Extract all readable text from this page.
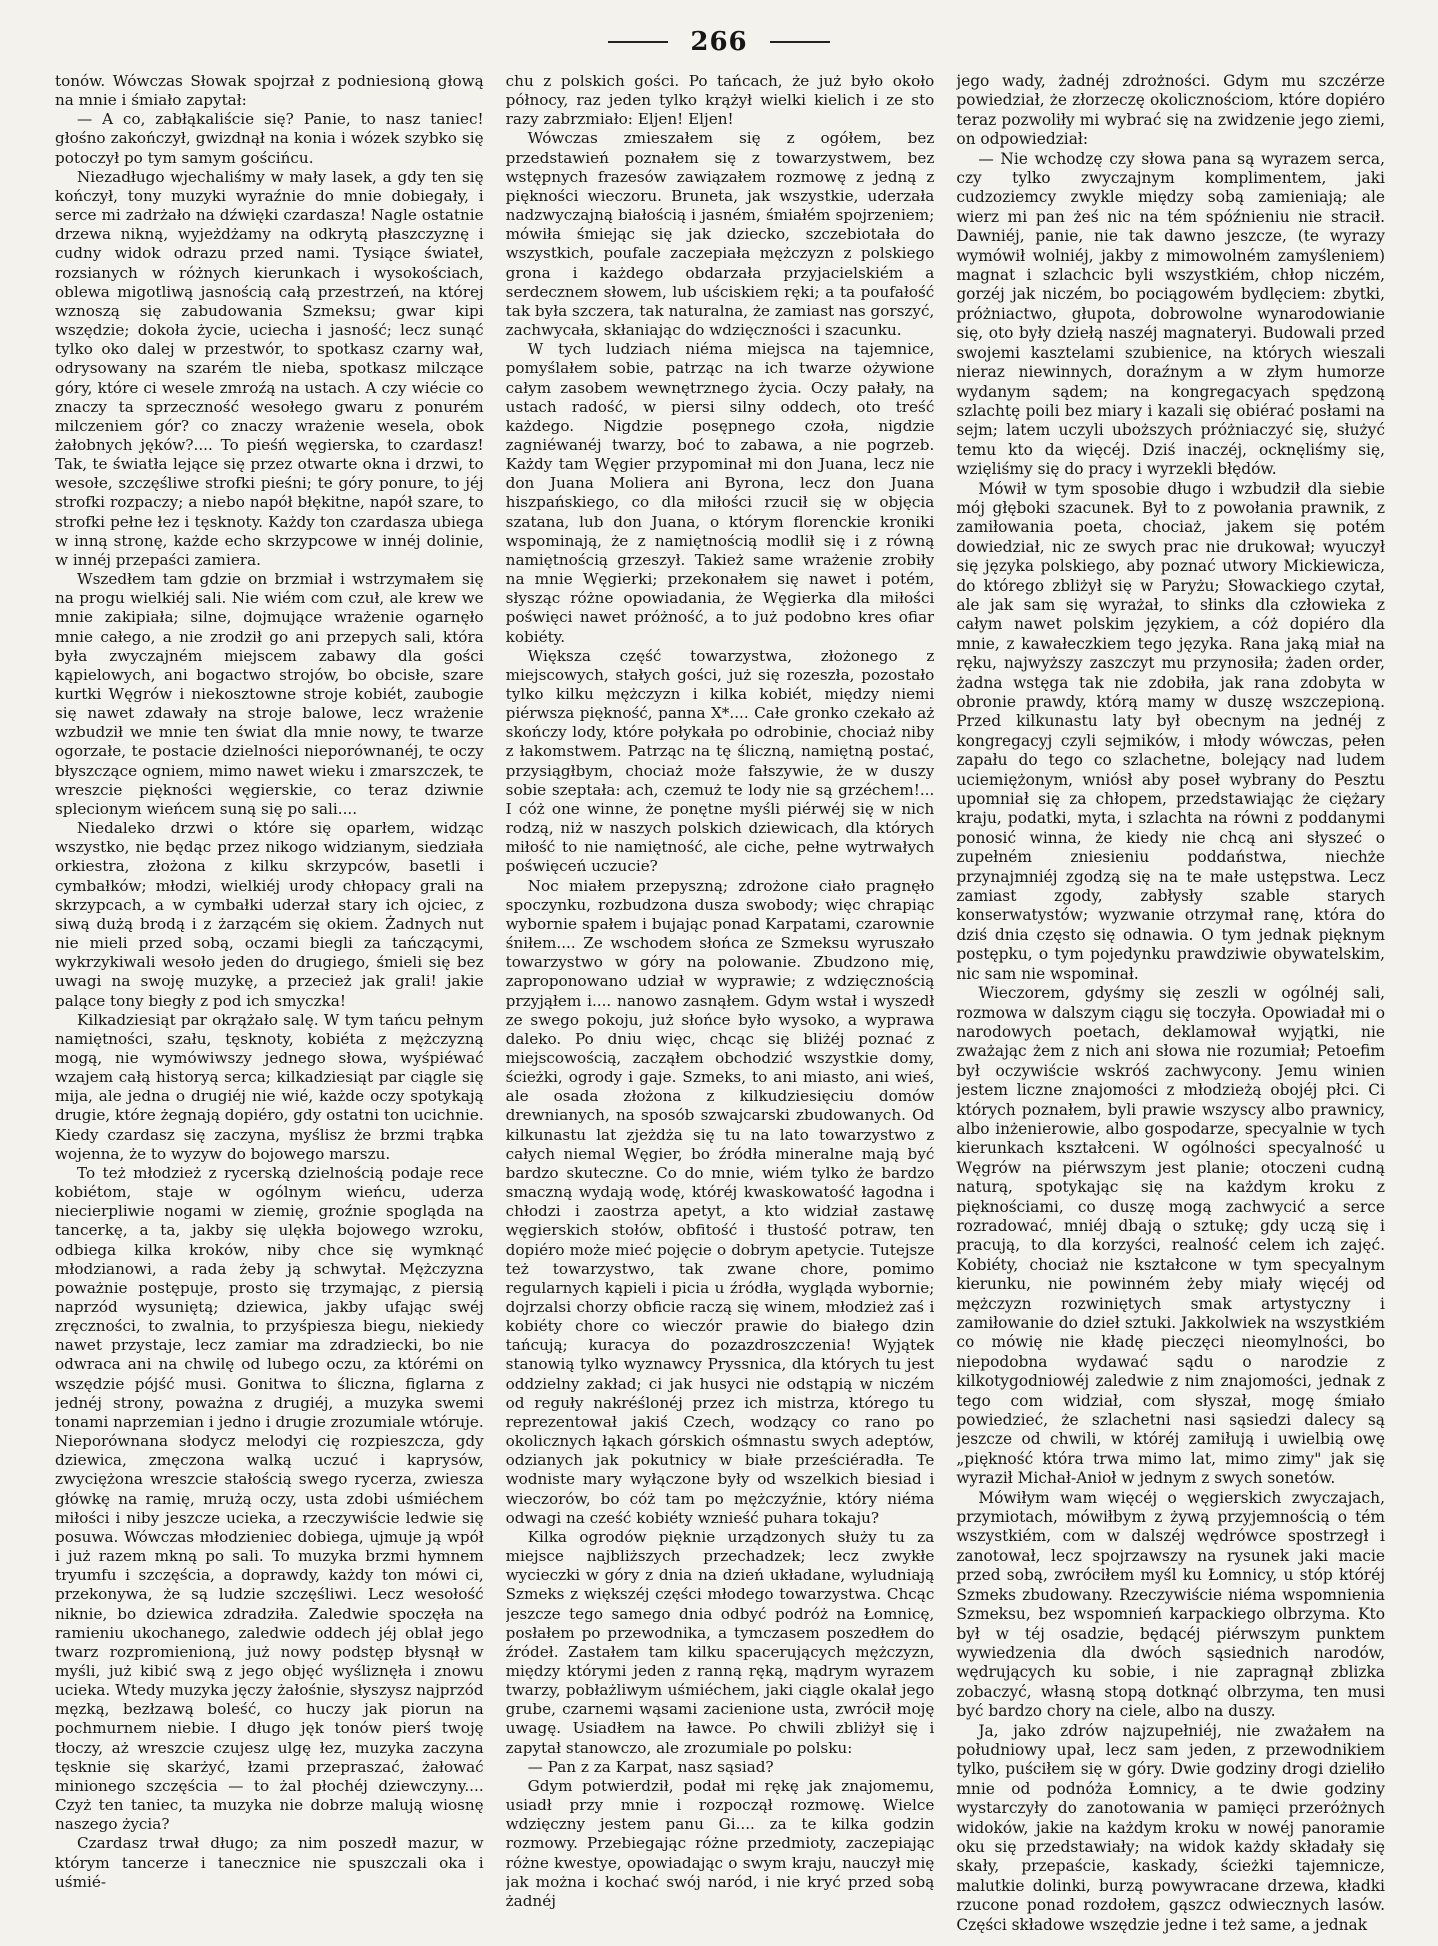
266

tonów. Wówczas Słowak spojrzał z podniesioną głową na mnie i śmiało zapytał:

— A co, zabłąkaliście się? Panie, to nasz taniec! głośno zakończył, gwizdnął na konia i wózek szybko się potoczył po tym samym gościńcu.

Niezadługo wjechaliśmy w mały lasek, a gdy ten się kończył, tony muzyki wyraźnie do mnie dobiegały, i serce mi zadrżało na dźwięki czardasza! Nagle ostatnie drzewa nikną, wyjeżdżamy na odkrytą płaszczyznę i cudny widok odrazu przed nami. Tysiące świateł, rozsianych w różnych kierunkach i wysokościach, oblewa migotliwą jasnością całą przestrzeń, na której wznoszą się zabudowania Szmeksu; gwar kipi wszędzie; dokoła życie, uciecha i jasność; lecz sunąć tylko oko dalej w przestwór, to spotkasz czarny wał, odrysowany na szarém tle nieba, spotkasz milczące góry, które ci wesele zmroźą na ustach. A czy wiécie co znaczy ta sprzeczność wesołego gwaru z ponurém milczeniem gór? co znaczy wrażenie wesela, obok żałobnych jęków?.... To pieśń węgierska, to czardasz! Tak, te światła lejące się przez otwarte okna i drzwi, to wesołe, szczęśliwe strofki pieśni; te góry ponure, to jéj strofki rozpaczy; a niebo napół błękitne, napół szare, to strofki pełne łez i tęsknoty. Każdy ton czardasza ubiega w inną stronę, każde echo skrzypcowe w innéj dolinie, w innéj przepaści zamiera.

Wszedłem tam gdzie on brzmiał i wstrzymałem się na progu wielkiéj sali. Nie wiém com czuł, ale krew we mnie zakipiała; silne, dojmujące wrażenie ogarnęło mnie całego, a nie zrodził go ani przepych sali, która była zwyczajném miejscem zabawy dla gości kąpielowych, ani bogactwo strojów, bo obcisłe, szare kurtki Węgrów i niekosztowne stroje kobiét, zaubogie się nawet zdawały na stroje balowe, lecz wrażenie wzbudził we mnie ten świat dla mnie nowy, te twarze ogorzałe, te postacie dzielności nieporównanéj, te oczy błyszczące ogniem, mimo nawet wieku i zmarszczek, te wreszcie piękności węgierskie, co teraz dziwnie splecionym wieńcem suną się po sali....

Niedaleko drzwi o które się oparłem, widząc wszystko, nie będąc przez nikogo widzianym, siedziała orkiestra, złożona z kilku skrzypców, basetli i cymbałków; młodzi, wielkiéj urody chłopacy grali na skrzypcach, a w cymbałki uderzał stary ich ojciec, z siwą dużą brodą i z żarzącém się okiem. Żadnych nut nie mieli przed sobą, oczami biegli za tańczącymi, wykrzykiwali wesoło jeden do drugiego, śmieli się bez uwagi na swoję muzykę, a przecież jak grali! jakie palące tony biegły z pod ich smyczka!

Kilkadziesiąt par okrążało salę. W tym tańcu pełnym namiętności, szału, tęsknoty, kobiéta z mężczyzną mogą, nie wymówiwszy jednego słowa, wyśpiéwać wzajem całą historyą serca; kilkadziesiąt par ciągle się mija, ale jedna o drugiéj nie wié, każde oczy spotykają drugie, które żegnają dopiéro, gdy ostatni ton ucichnie. Kiedy czardasz się zaczyna, myślisz że brzmi trąbka wojenna, że to wyzyw do bojowego marszu.

To też młodzież z rycerską dzielnością podaje rece kobiétom, staje w ogólnym wieńcu, uderza niecierpliwie nogami w ziemię, groźnie spogląda na tancerkę, a ta, jakby się ulękła bojowego wzroku, odbiega kilka kroków, niby chce się wymknąć młodzianowi, a rada żeby ją schwytał. Mężczyzna poważnie postępuje, prosto się trzymając, z piersią naprzód wysuniętą; dziewica, jakby ufając swéj zręczności, to zwalnia, to przyśpiesza biegu, niekiedy nawet przystaje, lecz zamiar ma zdradziecki, bo nie odwraca ani na chwilę od lubego oczu, za którémi on wszędzie pójść musi. Gonitwa to śliczna, figlarna z jednéj strony, poważna z drugiéj, a muzyka swemi tonami naprzemian i jedno i drugie zrozumiale wtóruje. Nieporównana słodycz melodyi cię rozpieszcza, gdy dziewica, zmęczona walką uczuć i kaprysów, zwyciężona wreszcie stałością swego rycerza, zwiesza główkę na ramię, mrużą oczy, usta zdobi uśmiéchem miłości i niby jeszcze ucieka, a rzeczywiście ledwie się posuwa. Wówczas młodzieniec dobiega, ujmuje ją wpół i już razem mkną po sali. To muzyka brzmi hymnem tryumfu i szczęścia, a doprawdy, każdy ton mówi ci, przekonywa, że są ludzie szczęśliwi. Lecz wesołość niknie, bo dziewica zdradziła. Zaledwie spoczęła na ramieniu ukochanego, zaledwie oddech jéj oblał jego twarz rozpromienioną, już nowy podstęp błysnął w myśli, już kibić swą z jego objęć wyśliznęła i znowu ucieka. Wtedy muzyka jęczy żałośnie, słyszysz najprzód męzką, bezłzawą boleść, co huczy jak piorun na pochmurnem niebie. I długo jęk tonów pierś twoję tłoczy, aż wreszcie czujesz ulgę łez, muzyka zaczyna tęsknie się skarżyć, łzami przepraszać, żałować minionego szczęścia — to żal płochéj dziewczyny.... Czyż ten taniec, ta muzyka nie dobrze malują wiosnę naszego życia?

Czardasz trwał długo; za nim poszedł mazur, w którym tancerze i tanecznice nie spuszczali oka i uśmié-

chu z polskich gości. Po tańcach, że już było około północy, raz jeden tylko krążył wielki kielich i ze sto razy zabrzmiało: Eljen! Eljen!

Wówczas zmieszałem się z ogółem, bez przedstawień poznałem się z towarzystwem, bez wstępnych frazesów zawiązałem rozmowę z jedną z piękności wieczoru. Bruneta, jak wszystkie, uderzała nadzwyczajną białością i jasném, śmiałém spojrzeniem; mówiła śmiejąc się jak dziecko, szczebiotała do wszystkich, poufale zaczepiała mężczyzn z polskiego grona i każdego obdarzała przyjacielskiém a serdecznem słowem, lub uściskiem ręki; a ta poufałość tak była szczera, tak naturalna, że zamiast nas gorszyć, zachwycała, skłaniając do wdzięczności i szacunku.

W tych ludziach niéma miejsca na tajemnice, pomyślałem sobie, patrząc na ich twarze ożywione całym zasobem wewnętrznego życia. Oczy pałały, na ustach radość, w piersi silny oddech, oto treść każdego. Nigdzie posępnego czoła, nigdzie zagniéwanéj twarzy, boć to zabawa, a nie pogrzeb. Każdy tam Węgier przypominał mi don Juana, lecz nie don Juana Moliera ani Byrona, lecz don Juana hiszpańskiego, co dla miłości rzucił się w objęcia szatana, lub don Juana, o którym florenckie kroniki wspominają, że z namiętnością modlił się i z równą namiętnością grzeszył. Takież same wrażenie zrobiły na mnie Węgierki; przekonałem się nawet i potém, słysząc różne opowiadania, że Węgierka dla miłości poświęci nawet próżność, a to już podobno kres ofiar kobiéty.

Większa część towarzystwa, złożonego z miejscowych, stałych gości, już się rozeszła, pozostało tylko kilku mężczyzn i kilka kobiét, między niemi piérwsza piękność, panna X*.... Całe gronko czekało aż skończy lody, które połykała po odrobinie, chociaż niby z łakomstwem. Patrząc na tę śliczną, namiętną postać, przysiągłbym, chociaż może fałszywie, że w duszy sobie szeptała: ach, czemuż te lody nie są grzéchem!... I cóż one winne, że ponętne myśli piérwéj się w nich rodzą, niż w naszych polskich dziewicach, dla których miłość to nie namiętność, ale ciche, pełne wytrwałych poświęceń uczucie?

Noc miałem przepyszną; zdrożone ciało pragnęło spoczynku, rozbudzona dusza swobody; więc chrapiąc wybornie spałem i bujając ponad Karpatami, czarownie śniłem.... Ze wschodem słońca ze Szmeksu wyruszało towarzystwo w góry na polowanie. Zbudzono mię, zaproponowano udział w wyprawie; z wdzięcznością przyjąłem i.... nanowo zasnąłem. Gdym wstał i wyszedł ze swego pokoju, już słońce było wysoko, a wyprawa daleko. Po dniu więc, chcąc się bliżéj poznać z miejscowością, zacząłem obchodzić wszystkie domy, ścieżki, ogrody i gaje. Szmeks, to ani miasto, ani wieś, ale osada złożona z kilkudziesięciu domów drewnianych, na sposób szwajcarski zbudowanych. Od kilkunastu lat zjeżdża się tu na lato towarzystwo z całych niemal Węgier, bo źródła mineralne mają być bardzo skuteczne. Co do mnie, wiém tylko że bardzo smaczną wydają wodę, któréj kwaskowatość łagodna i chłodzi i zaostrza apetyt, a kto widział zastawę węgierskich stołów, obfitość i tłustość potraw, ten dopiéro może mieć pojęcie o dobrym apetycie. Tutejsze też towarzystwo, tak zwane chore, pomimo regularnych kąpieli i picia u źródła, wygląda wybornie; dojrzalsi chorzy obficie raczą się winem, młodzież zaś i kobiéty chore co wieczór prawie do białego dzin tańcują; kuracya do pozazdroszczenia! Wyjątek stanowią tylko wyznawcy Pryssnica, dla których tu jest oddzielny zakład; ci jak husyci nie odstąpią w niczém od reguły nakréślonéj przez ich mistrza, którego tu reprezentował jakiś Czech, wodzący co rano po okolicznych łąkach górskich ośmnastu swych adeptów, odzianych jak pokutnicy w białe prześciéradła. Te wodniste mary wyłączone były od wszelkich biesiad i wieczorów, bo cóż tam po mężczyźnie, który niéma odwagi na cześć kobiéty wznieść puhara tokaju?

Kilka ogrodów pięknie urządzonych służy tu za miejsce najbliższych przechadzek; lecz zwykłe wycieczki w góry z dnia na dzień układane, wyludniają Szmeks z większéj części młodego towarzystwa. Chcąc jeszcze tego samego dnia odbyć podróż na Łomnicę, posłałem po przewodnika, a tymczasem poszedłem do źródeł. Zastałem tam kilku spacerujących mężczyzn, między którymi jeden z ranną ręką, mądrym wyrazem twarzy, pobłażliwym uśmiéchem, jaki ciągle okalał jego grube, czarnemi wąsami zacienione usta, zwrócił moję uwagę. Usiadłem na ławce. Po chwili zbliżył się i zapytał stanowczo, ale zrozumiale po polsku:

— Pan z za Karpat, nasz sąsiad?

Gdym potwierdził, podał mi rękę jak znajomemu, usiadł przy mnie i rozpoczął rozmowę. Wielce wdzięczny jestem panu Gi.... za te kilka godzin rozmowy. Przebiegając różne przedmioty, zaczepiając różne kwestye, opowiadając o swym kraju, nauczył mię jak można i kochać swój naród, i nie kryć przed sobą żadnéj

jego wady, żadnéj zdrożności. Gdym mu szczérze powiedział, że złorzeczę okolicznościom, które dopiéro teraz pozwoliły mi wybrać się na zwidzenie jego ziemi, on odpowiedział:

— Nie wchodzę czy słowa pana są wyrazem serca, czy tylko zwyczajnym komplimentem, jaki cudzoziemcy zwykle między sobą zamieniają; ale wierz mi pan żeś nic na tém spóźnieniu nie stracił. Dawniéj, panie, nie tak dawno jeszcze, (te wyrazy wymówił wolniéj, jakby z mimowolném zamyśleniem) magnat i szlachcic byli wszystkiém, chłop niczém, gorzéj jak niczém, bo pociągowém bydlęciem: zbytki, próżniactwo, głupota, dobrowolne wynarodowianie się, oto były dziełą naszéj magnateryi. Budowali przed swojemi kasztelami szubienice, na których wieszali nieraz niewinnych, doraźnym a w złym humorze wydanym sądem; na kongregacyach spędzoną szlachtę poili bez miary i kazali się obiérać posłami na sejm; latem uczyli uboższych próżniaczyć się, służyć temu kto da więcéj. Dziś inaczéj, ocknęliśmy się, wzięliśmy się do pracy i wyrzekli błędów.

Mówił w tym sposobie długo i wzbudził dla siebie mój głęboki szacunek. Był to z powołania prawnik, z zamiłowania poeta, chociaż, jakem się potém dowiedział, nic ze swych prac nie drukował; wyuczył się języka polskiego, aby poznać utwory Mickiewicza, do którego zbliżył się w Paryżu; Słowackiego czytał, ale jak sam się wyrażał, to słinks dla człowieka z całym nawet polskim językiem, a cóż dopiéro dla mnie, z kawałeczkiem tego języka. Rana jaką miał na ręku, najwyższy zaszczyt mu przynosiła; żaden order, żadna wstęga tak nie zdobiła, jak rana zdobyta w obronie prawdy, którą mamy w duszę wszczepioną. Przed kilkunastu laty był obecnym na jednéj z kongregacyj czyli sejmików, i młody wówczas, pełen zapału do tego co szlachetne, bolejący nad ludem uciemiężonym, wniósł aby poseł wybrany do Pesztu upomniał się za chłopem, przedstawiając że ciężary kraju, podatki, myta, i szlachta na równi z poddanymi ponosić winna, że kiedy nie chcą ani słyszeć o zupełném zniesieniu poddaństwa, niechże przynajmniéj zgodzą się na te małe ustępstwa. Lecz zamiast zgody, zabłysły szable starych konserwatystów; wyzwanie otrzymał ranę, która do dziś dnia często się odnawia. O tym jednak pięknym postępku, o tym pojedynku prawdziwie obywatelskim, nic sam nie wspominał.

Wieczorem, gdyśmy się zeszli w ogólnéj sali, rozmowa w dalszym ciągu się toczyła. Opowiadał mi o narodowych poetach, deklamował wyjątki, nie zważając żem z nich ani słowa nie rozumiał; Petoefim był oczywiście wskróś zachwycony. Jemu winien jestem liczne znajomości z młodzieżą obojéj płci. Ci których poznałem, byli prawie wszyscy albo prawnicy, albo inżenierowie, albo gospodarze, specyalnie w tych kierunkach kształceni. W ogólności specyalność u Węgrów na piérwszym jest planie; otoczeni cudną naturą, spotykając się na każdym kroku z pięknościami, co duszę mogą zachwycić a serce rozradować, mniéj dbają o sztukę; gdy uczą się i pracują, to dla korzyści, realność celem ich zajęć. Kobiéty, chociaż nie kształcone w tym specyalnym kierunku, nie powinném żeby miały więcéj od mężczyzn rozwiniętych smak artystyczny i zamiłowanie do dzieł sztuki. Jakkolwiek na wszystkiém co mówię nie kładę pieczęci nieomylności, bo niepodobna wydawać sądu o narodzie z kilkotygodniowéj zaledwie z nim znajomości, jednak z tego com widział, com słyszał, mogę śmiało powiedzieć, że szlachetni nasi sąsiedzi dalecy są jeszcze od chwili, w któréj zamiłują i uwielbią owę „piękność która trwa mimo lat, mimo zimy" jak się wyraził Michał-Anioł w jednym z swych sonetów.

Mówiłym wam więcéj o węgierskich zwyczajach, przymiotach, mówiłbym z żywą przyjemnością o tém wszystkiém, com w dalszéj wędrówce spostrzegł i zanotował, lecz spojrzawszy na rysunek jaki macie przed sobą, zwróciłem myśl ku Łomnicy, u stóp któréj Szmeks zbudowany. Rzeczywiście niéma wspomnienia Szmeksu, bez wspomnień karpackiego olbrzyma. Kto był w téj osadzie, będącéj piérwszym punktem wywiedzenia dla dwóch sąsiednich narodów, wędrujących ku sobie, i nie zapragnął zblizka zobaczyć, własną stopą dotknąć olbrzyma, ten musi być bardzo chory na ciele, albo na duszy.

Ja, jako zdrów najzupełniéj, nie zważałem na południowy upał, lecz sam jeden, z przewodnikiem tylko, puściłem się w góry. Dwie godziny drogi dzieliło mnie od podnóża Łomnicy, a te dwie godziny wystarczyły do zanotowania w pamięci przeróżnych widoków, jakie na każdym kroku w nowéj panoramie oku się przedstawiały; na widok każdy składały się skały, przepaście, kaskady, ścieżki tajemnicze, malutkie dolinki, burzą powywracane drzewa, kładki rzucone ponad rozdołem, gąszcz odwiecznych lasów. Części składowe wszędzie jedne i też same, a jednak
